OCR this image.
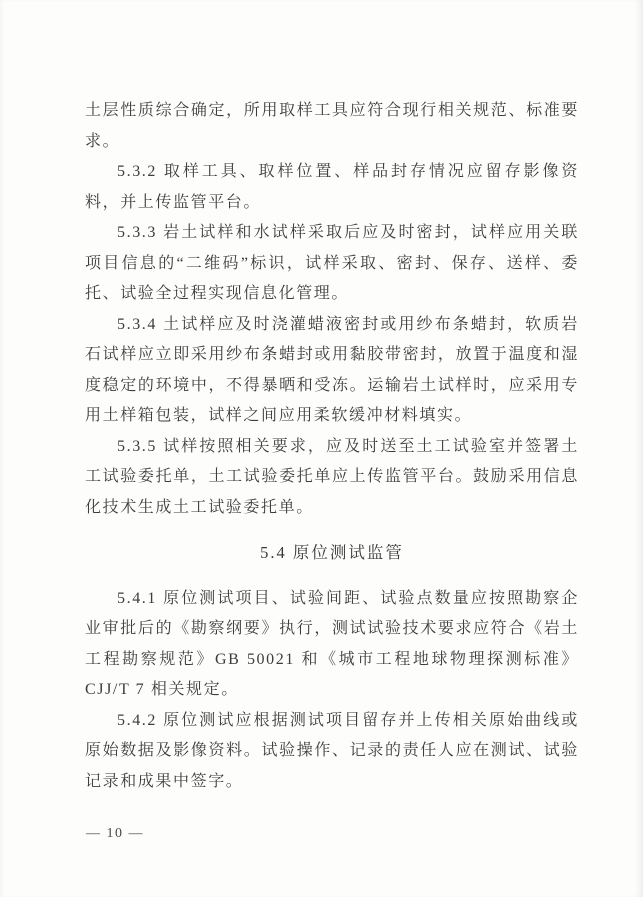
土层性质综合确定，所用取样工具应符合现行相关规范、标准要求。

5.3.2 取样工具、取样位置、样品封存情况应留存影像资料，并上传监管平台。

5.3.3 岩土试样和水试样采取后应及时密封，试样应用关联项目信息的“二维码”标识，试样采取、密封、保存、送样、委托、试验全过程实现信息化管理。

5.3.4 土试样应及时浇灌蜡液密封或用纱布条蜡封，软质岩石试样应立即采用纱布条蜡封或用黏胶带密封，放置于温度和湿度稳定的环境中，不得暴晒和受冻。运输岩土试样时，应采用专用土样箱包装，试样之间应用柔软缓冲材料填实。

5.3.5 试样按照相关要求，应及时送至土工试验室并签署土工试验委托单，土工试验委托单应上传监管平台。鼓励采用信息化技术生成土工试验委托单。

5.4 原位测试监管

5.4.1 原位测试项目、试验间距、试验点数量应按照勘察企业审批后的《勘察纲要》执行，测试试验技术要求应符合《岩土工程勘察规范》GB 50021 和《城市工程地球物理探测标准》CJJ/T 7 相关规定。

5.4.2 原位测试应根据测试项目留存并上传相关原始曲线或原始数据及影像资料。试验操作、记录的责任人应在测试、试验记录和成果中签字。

— 10 —
